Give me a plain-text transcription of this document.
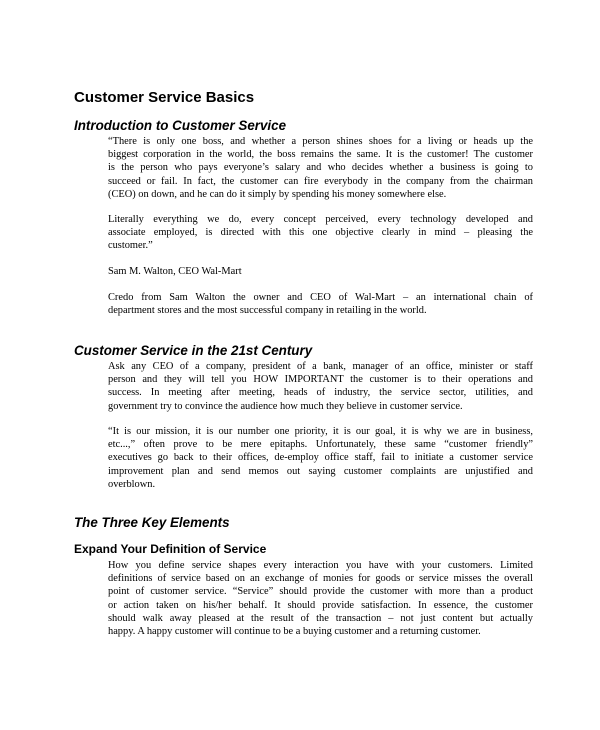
Customer Service Basics
Introduction to Customer Service
“There is only one boss, and whether a person shines shoes for a living or heads up the
biggest corporation in the world, the boss remains the same. It is the customer! The customer
is the person who pays everyone’s salary and who decides whether a business is going to
succeed or fail. In fact, the customer can fire everybody in the company from the chairman
(CEO) on down, and he can do it simply by spending his money somewhere else.
Literally everything we do, every concept perceived, every technology developed and
associate employed, is directed with this one objective clearly in mind – pleasing the
customer.”
Sam M. Walton, CEO Wal-Mart
Credo from Sam Walton the owner and CEO of Wal-Mart – an international chain of
department stores and the most successful company in retailing in the world.
Customer Service in the 21st Century
Ask any CEO of a company, president of a bank, manager of an office, minister or staff
person and they will tell you HOW IMPORTANT the customer is to their operations and
success. In meeting after meeting, heads of industry, the service sector, utilities, and
government try to convince the audience how much they believe in customer service.
“It is our mission, it is our number one priority, it is our goal, it is why we are in business,
etc...,” often prove to be mere epitaphs. Unfortunately, these same “customer friendly”
executives go back to their offices, de-employ office staff, fail to initiate a customer service
improvement plan and send memos out saying customer complaints are unjustified and
overblown.
The Three Key Elements
Expand Your Definition of Service
How you define service shapes every interaction you have with your customers. Limited
definitions of service based on an exchange of monies for goods or service misses the overall
point of customer service. “Service” should provide the customer with more than a product
or action taken on his/her behalf. It should provide satisfaction. In essence, the customer
should walk away pleased at the result of the transaction – not just content but actually
happy. A happy customer will continue to be a buying customer and a returning customer.
